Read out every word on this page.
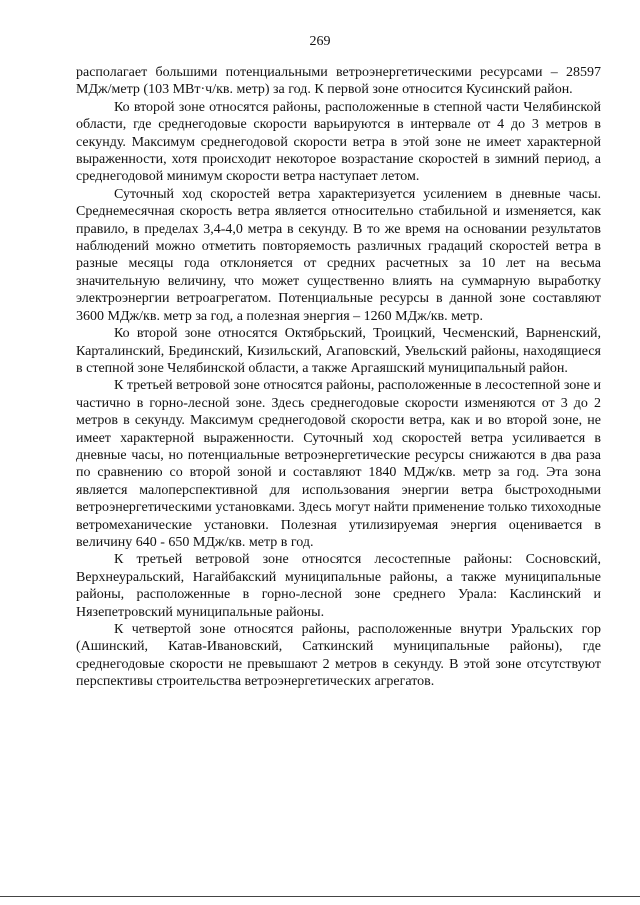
269

располагает большими потенциальными ветроэнергетическими ресурсами – 28597 МДж/метр (103 МВт·ч/кв. метр) за год. К первой зоне относится Кусинский район.

Ко второй зоне относятся районы, расположенные в степной части Челябинской области, где среднегодовые скорости варьируются в интервале от 4 до 3 метров в секунду. Максимум среднегодовой скорости ветра в этой зоне не имеет характерной выраженности, хотя происходит некоторое возрастание скоростей в зимний период, а среднегодовой минимум скорости ветра наступает летом.

Суточный ход скоростей ветра характеризуется усилением в дневные часы. Среднемесячная скорость ветра является относительно стабильной и изменяется, как правило, в пределах 3,4-4,0 метра в секунду. В то же время на основании результатов наблюдений можно отметить повторяемость различных градаций скоростей ветра в разные месяцы года отклоняется от средних расчетных за 10 лет на весьма значительную величину, что может существенно влиять на суммарную выработку электроэнергии ветроагрегатом. Потенциальные ресурсы в данной зоне составляют 3600 МДж/кв. метр за год, а полезная энергия – 1260 МДж/кв. метр.

Ко второй зоне относятся Октябрьский, Троицкий, Чесменский, Варненский, Карталинский, Брединский, Кизильский, Агаповский, Увельский районы, находящиеся в степной зоне Челябинской области, а также Аргаяшский муниципальный район.

К третьей ветровой зоне относятся районы, расположенные в лесостепной зоне и частично в горно-лесной зоне. Здесь среднегодовые скорости изменяются от 3 до 2 метров в секунду. Максимум среднегодовой скорости ветра, как и во второй зоне, не имеет характерной выраженности. Суточный ход скоростей ветра усиливается в дневные часы, но потенциальные ветроэнергетические ресурсы снижаются в два раза по сравнению со второй зоной и составляют 1840 МДж/кв. метр за год. Эта зона является малоперспективной для использования энергии ветра быстроходными ветроэнергетическими установками. Здесь могут найти применение только тихоходные ветромеханические установки. Полезная утилизируемая энергия оценивается в величину 640 - 650 МДж/кв. метр в год.

К третьей ветровой зоне относятся лесостепные районы: Сосновский, Верхнеуральский, Нагайбакский муниципальные районы, а также муниципальные районы, расположенные в горно-лесной зоне среднего Урала: Каслинский и Нязепетровский муниципальные районы.

К четвертой зоне относятся районы, расположенные внутри Уральских гор (Ашинский, Катав-Ивановский, Саткинский муниципальные районы), где среднегодовые скорости не превышают 2 метров в секунду. В этой зоне отсутствуют перспективы строительства ветроэнергетических агрегатов.
